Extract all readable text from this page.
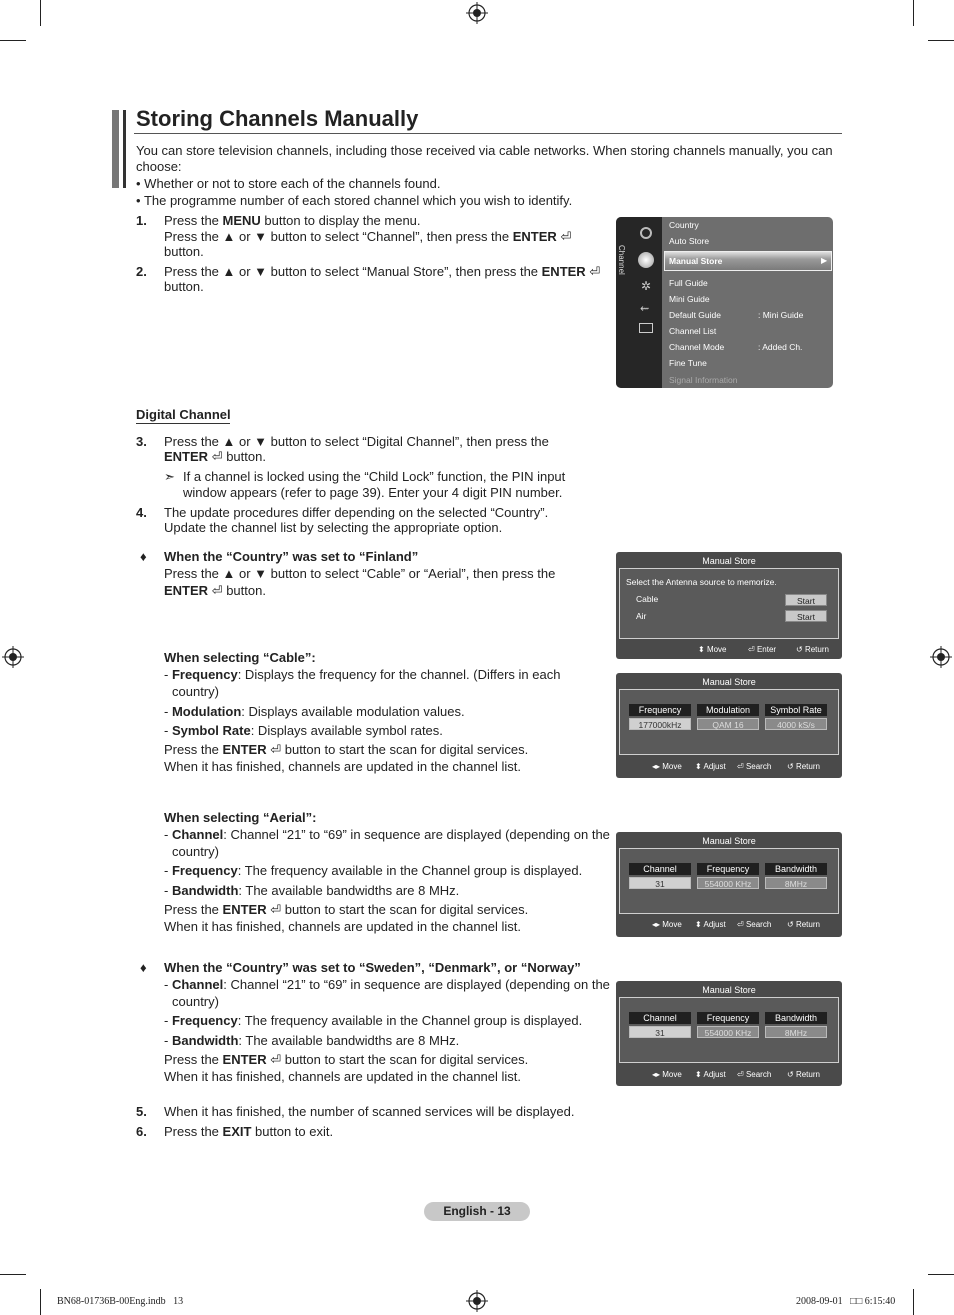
Storing Channels Manually
You can store television channels, including those received via cable networks. When storing channels manually, you can
choose:
• Whether or not to store each of the channels found.
• The programme number of each stored channel which you wish to identify.
1. Press the MENU button to display the menu.
Press the ▲ or ▼ button to select “Channel”, then press the ENTER ⏎
button.
2. Press the ▲ or ▼ button to select “Manual Store”, then press the ENTER ⏎
button.
Channel
✲
⇜
Country
Auto Store
Manual Store	▶
Full Guide
Mini Guide
Default Guide	: Mini Guide
Channel List
Channel Mode	: Added Ch.
Fine Tune
Signal Information
Digital Channel
3. Press the ▲ or ▼ button to select “Digital Channel”, then press the
ENTER ⏎ button.
➣ If a channel is locked using the “Child Lock” function, the PIN input
window appears (refer to page 39). Enter your 4 digit PIN number.
4. The update procedures differ depending on the selected “Country”.
Update the channel list by selecting the appropriate option.
♦ When the “Country” was set to “Finland”
Press the ▲ or ▼ button to select “Cable” or “Aerial”, then press the
ENTER ⏎ button.
When selecting “Cable”:
- Frequency: Displays the frequency for the channel. (Differs in each
country)
- Modulation: Displays available modulation values.
- Symbol Rate: Displays available symbol rates.
Press the ENTER ⏎ button to start the scan for digital services.
When it has finished, channels are updated in the channel list.
When selecting “Aerial”:
- Channel: Channel “21” to “69” in sequence are displayed (depending on the
country)
- Frequency: The frequency available in the Channel group is displayed.
- Bandwidth: The available bandwidths are 8 MHz.
Press the ENTER ⏎ button to start the scan for digital services.
When it has finished, channels are updated in the channel list.
♦ When the “Country” was set to “Sweden”, “Denmark”, or “Norway”
- Channel: Channel “21” to “69” in sequence are displayed (depending on the
country)
- Frequency: The frequency available in the Channel group is displayed.
- Bandwidth: The available bandwidths are 8 MHz.
Press the ENTER ⏎ button to start the scan for digital services.
When it has finished, channels are updated in the channel list.
5. When it has finished, the number of scanned services will be displayed.
6. Press the EXIT button to exit.
Manual Store
Select the Antenna source to memorize.
Cable	Start
Air	Start
⬍ Move	⏎ Enter ↺ Return
Manual Store
Frequency	Modulation	Symbol Rate
177000kHz	QAM 16	4000 kS/s
◂▸ Move ⬍ Adjust ⏎ Search ↺ Return
Manual Store
Channel	Frequency	Bandwidth
31	554000 KHz	8MHz
◂▸ Move ⬍ Adjust ⏎ Search ↺ Return
Manual Store
Channel	Frequency	Bandwidth
31	554000 KHz	8MHz
◂▸ Move ⬍ Adjust ⏎ Search ↺ Return
English - 13
BN68-01736B-00Eng.indb   13	2008-09-01   □□ 6:15:40
